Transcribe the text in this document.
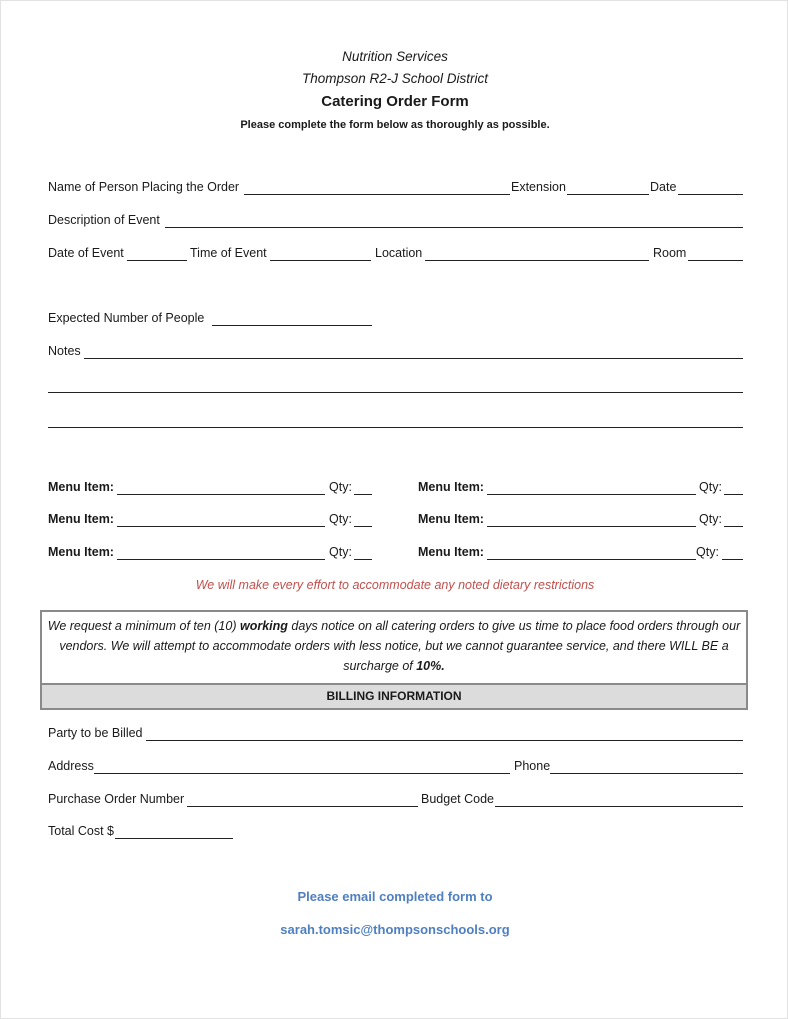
Nutrition Services
Thompson R2-J School District
Catering Order Form
Please complete the form below as thoroughly as possible.
Name of Person Placing the Order	Extension	Date
Description of Event
Date of Event	Time of Event	Location	Room
Expected Number of People
Notes
Menu Item:	Qty:	Menu Item:	Qty:
Menu Item:	Qty:	Menu Item:	Qty:
Menu Item:	Qty:	Menu Item:	Qty:
We will make every effort to accommodate any noted dietary restrictions
We request a minimum of ten (10) working days notice on all catering orders to give us time to place food orders through our vendors. We will attempt to accommodate orders with less notice, but we cannot guarantee service, and there WILL BE a surcharge of 10%.
BILLING INFORMATION
Party to be Billed
Address	Phone
Purchase Order Number	Budget Code
Total Cost $
Please email completed form to
sarah.tomsic@thompsonschools.org
